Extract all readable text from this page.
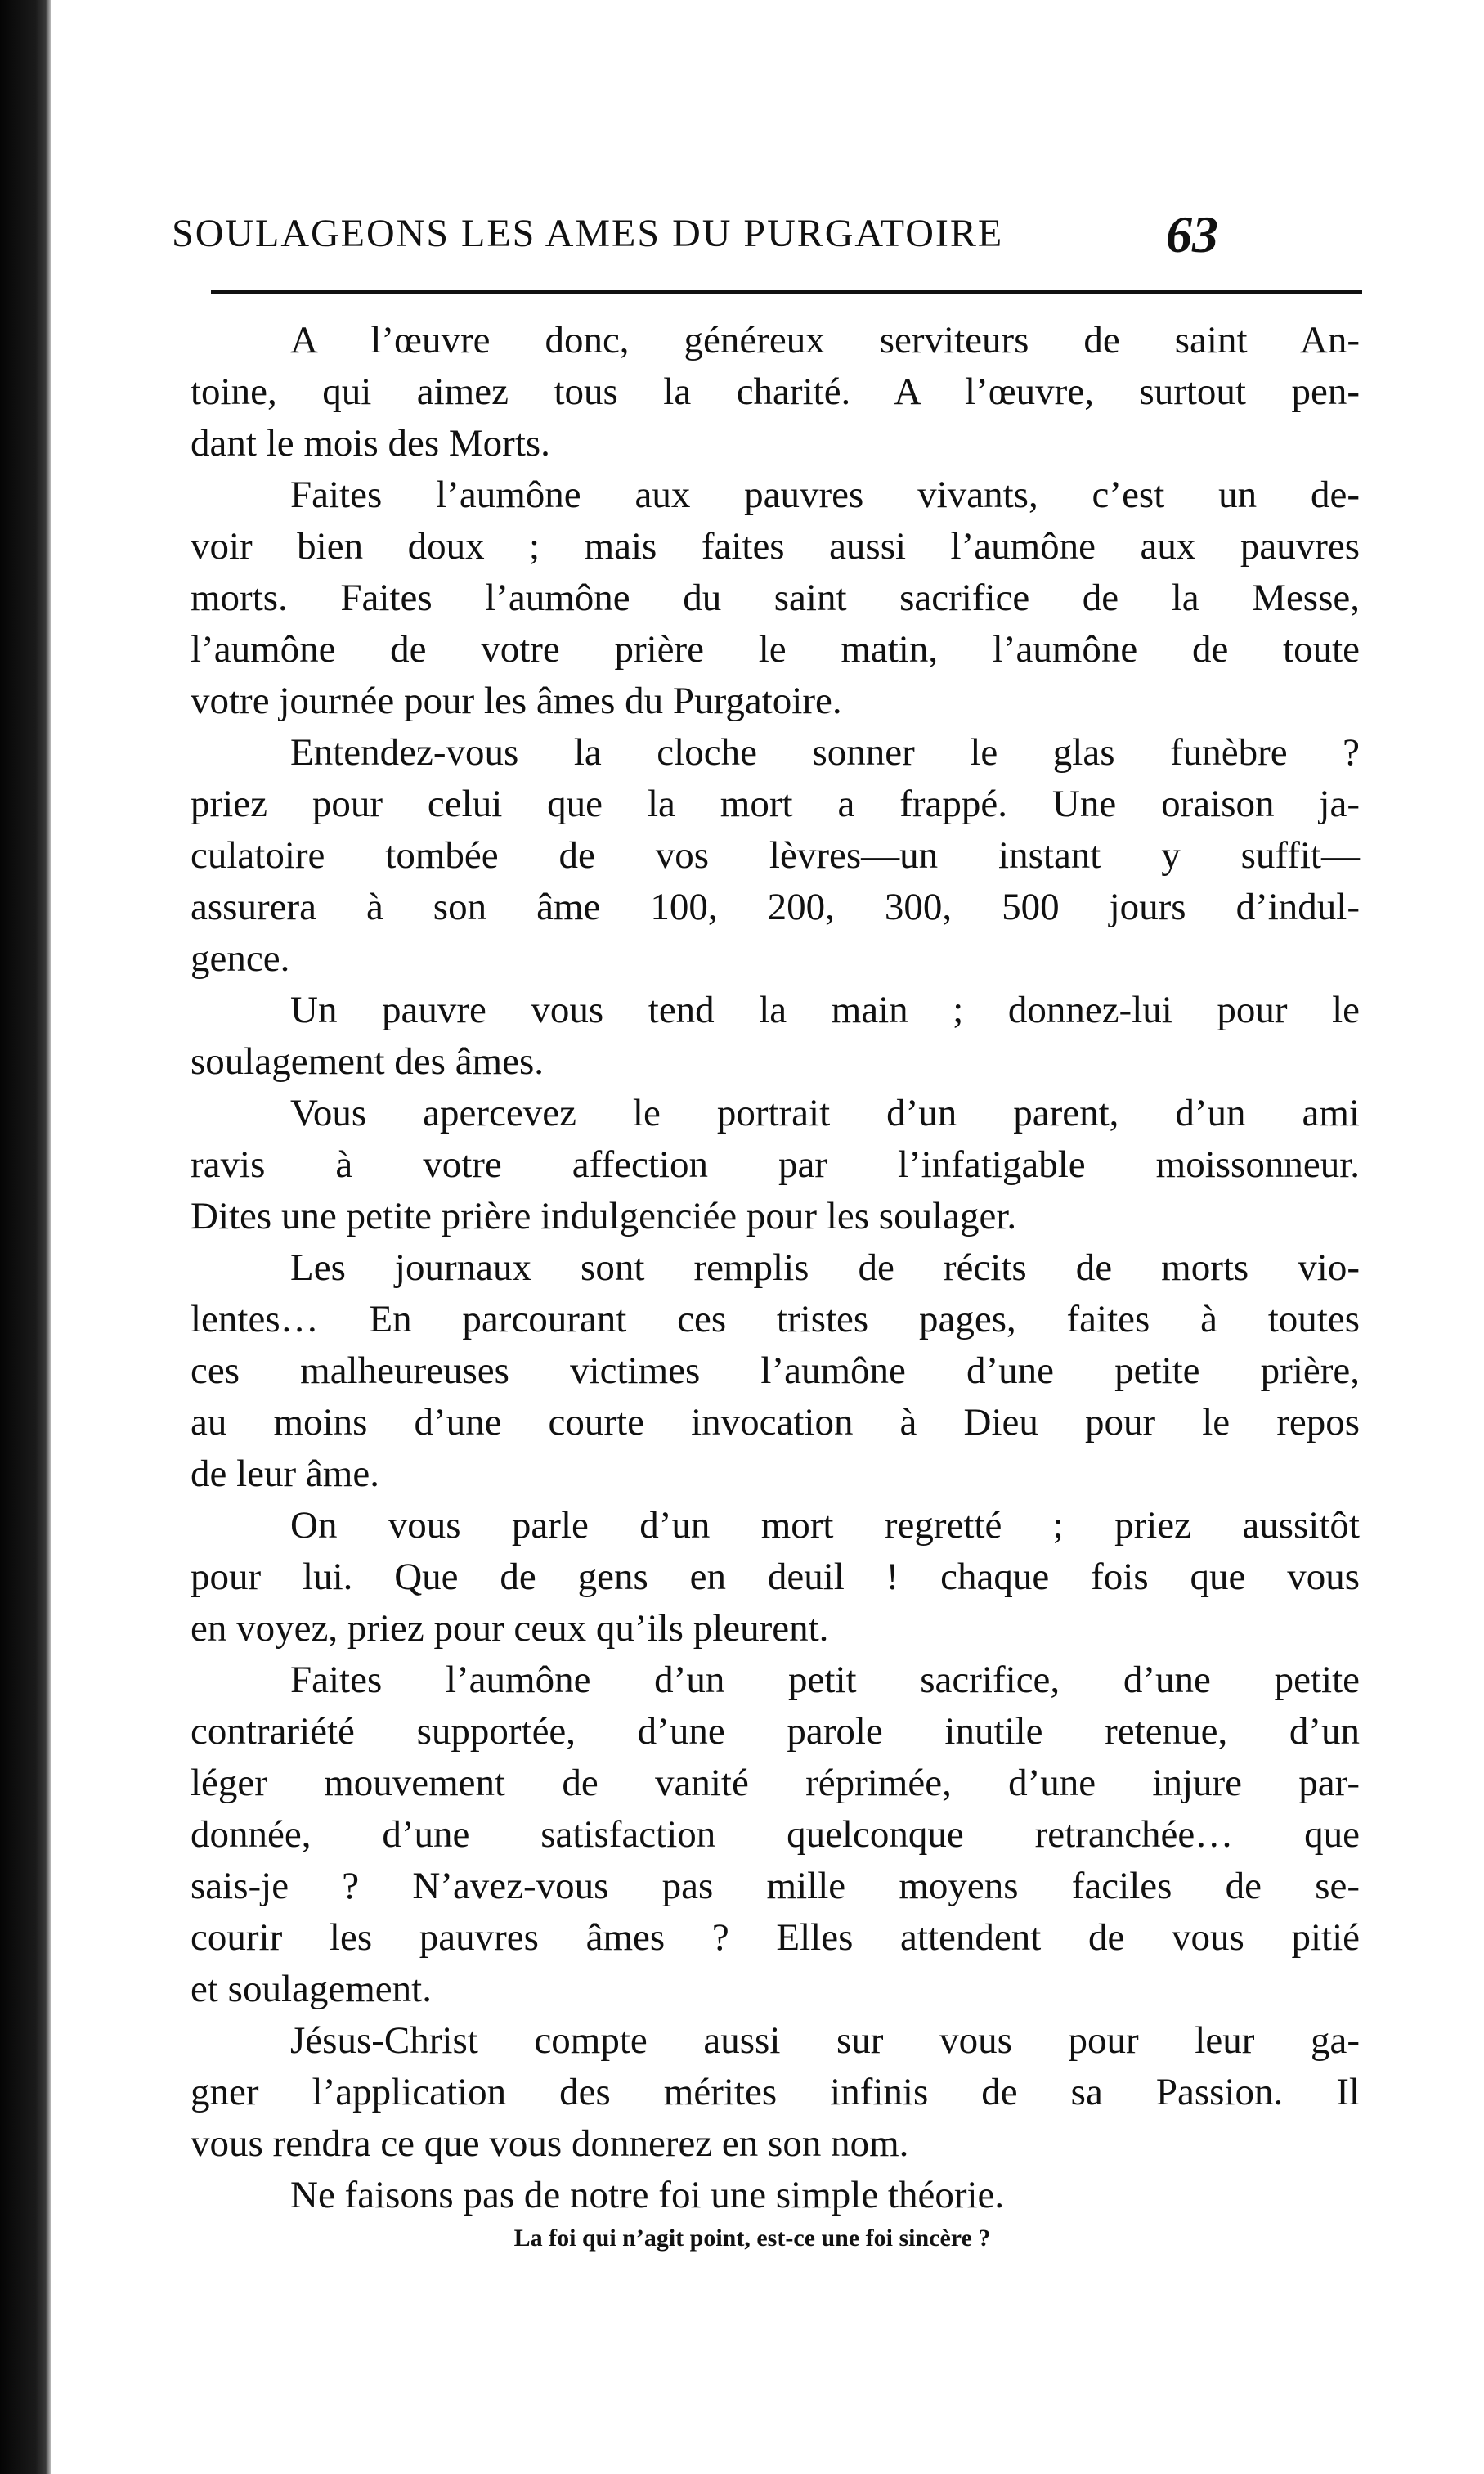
SOULAGEONS LES AMES DU PURGATOIRE	63
A l’œuvre donc, généreux serviteurs de saint An-
toine, qui aimez tous la charité. A l’œuvre, surtout pen-
dant le mois des Morts.
Faites l’aumône aux pauvres vivants, c’est un de-
voir bien doux ; mais faites aussi l’aumône aux pauvres
morts. Faites l’aumône du saint sacrifice de la Messe,
l’aumône de votre prière le matin, l’aumône de toute
votre journée pour les âmes du Purgatoire.
Entendez-vous la cloche sonner le glas funèbre ?
priez pour celui que la mort a frappé. Une oraison ja-
culatoire tombée de vos lèvres—un instant y suffit—
assurera à son âme 100, 200, 300, 500 jours d’indul-
gence.
Un pauvre vous tend la main ; donnez-lui pour le
soulagement des âmes.
Vous apercevez le portrait d’un parent, d’un ami
ravis à votre affection par l’infatigable moissonneur.
Dites une petite prière indulgenciée pour les soulager.
Les journaux sont remplis de récits de morts vio-
lentes… En parcourant ces tristes pages, faites à toutes
ces malheureuses victimes l’aumône d’une petite prière,
au moins d’une courte invocation à Dieu pour le repos
de leur âme.
On vous parle d’un mort regretté ; priez aussitôt
pour lui. Que de gens en deuil ! chaque fois que vous
en voyez, priez pour ceux qu’ils pleurent.
Faites l’aumône d’un petit sacrifice, d’une petite
contrariété supportée, d’une parole inutile retenue, d’un
léger mouvement de vanité réprimée, d’une injure par-
donnée, d’une satisfaction quelconque retranchée… que
sais-je ? N’avez-vous pas mille moyens faciles de se-
courir les pauvres âmes ? Elles attendent de vous pitié
et soulagement.
Jésus-Christ compte aussi sur vous pour leur ga-
gner l’application des mérites infinis de sa Passion. Il
vous rendra ce que vous donnerez en son nom.
Ne faisons pas de notre foi une simple théorie.
La foi qui n’agit point, est-ce une foi sincère ?
